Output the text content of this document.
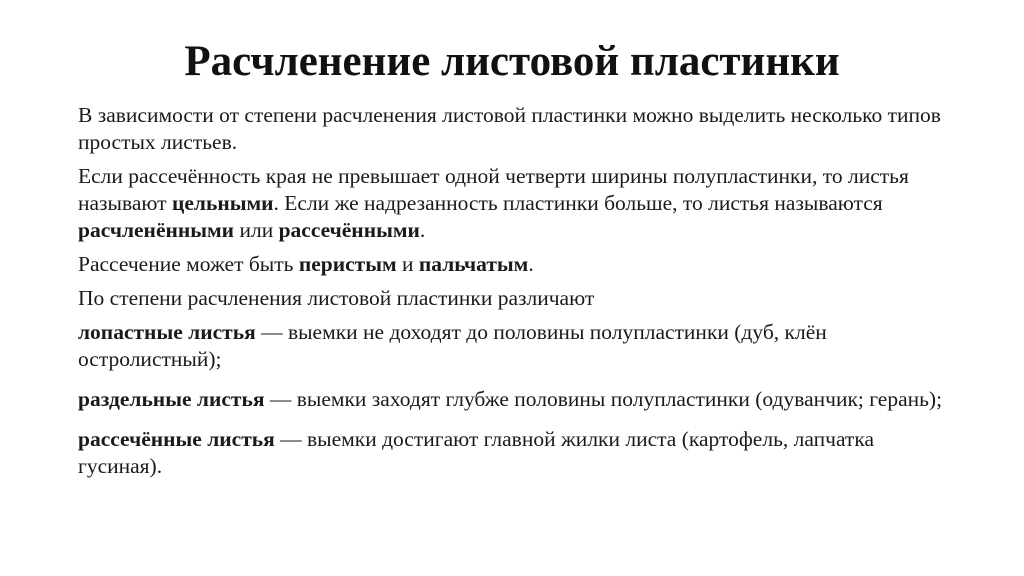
Расчленение листовой пластинки

В зависимости от степени расчленения листовой пластинки можно выделить несколько типов простых листьев.

Если рассечённость края не превышает одной четверти ширины полупластинки, то листья называют цельными. Если же надрезанность пластинки больше, то листья называются расчленёнными или рассечёнными.

Рассечение может быть перистым и пальчатым.

По степени расчленения листовой пластинки различают

лопастные листья — выемки не доходят до половины полупластинки (дуб, клён остролистный);

раздельные листья — выемки заходят глубже половины полупластинки (одуванчик; герань);

рассечённые листья — выемки достигают главной жилки листа (картофель, лапчатка гусиная).
